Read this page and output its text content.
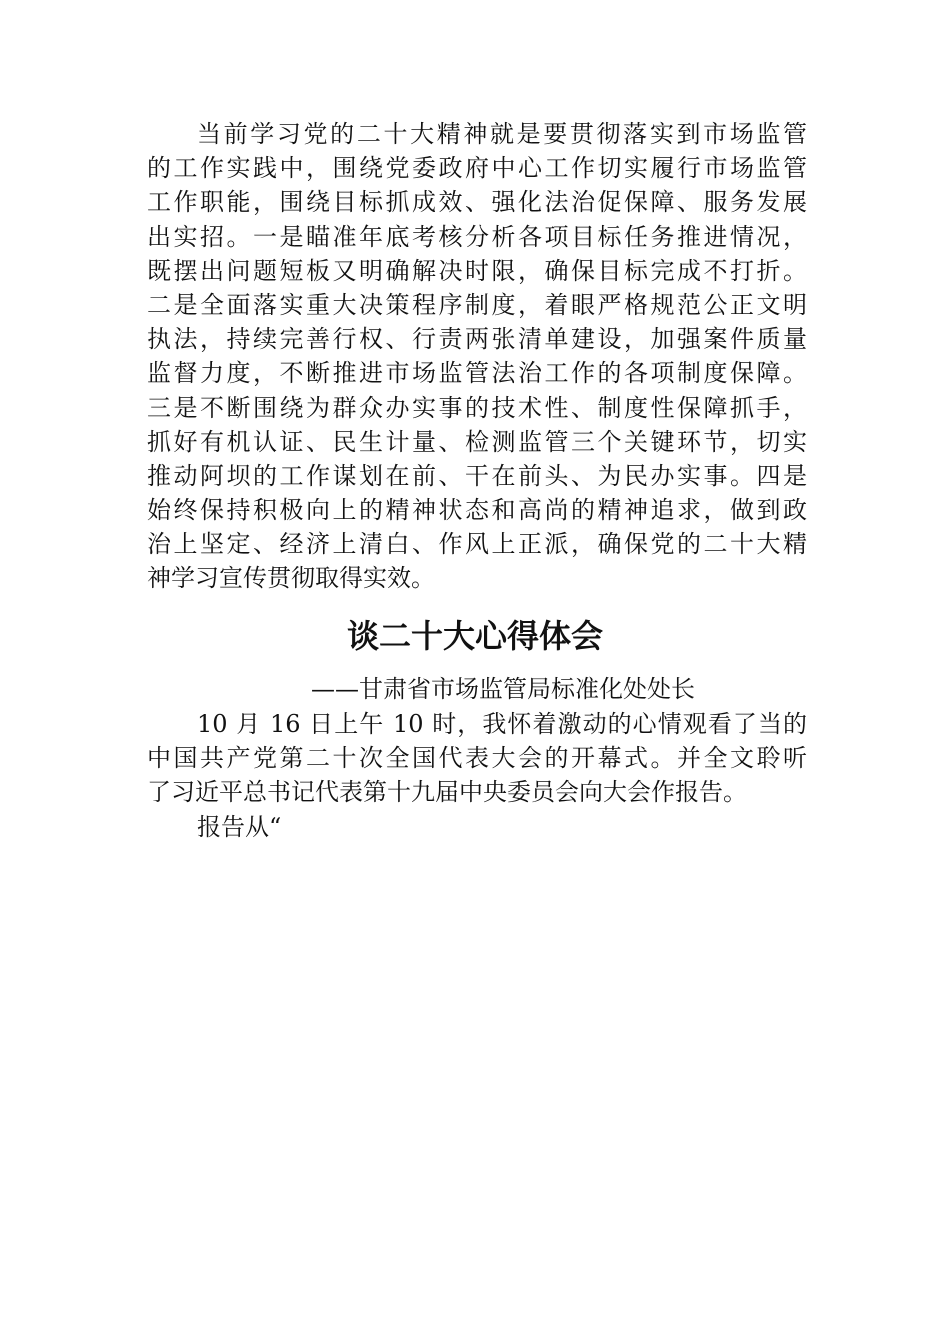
当前学习党的二十大精神就是要贯彻落实到市场监管
的工作实践中，围绕党委政府中心工作切实履行市场监管
工作职能，围绕目标抓成效、强化法治促保障、服务发展
出实招。一是瞄准年底考核分析各项目标任务推进情况，
既摆出问题短板又明确解决时限，确保目标完成不打折。
二是全面落实重大决策程序制度，着眼严格规范公正文明
执法，持续完善行权、行责两张清单建设，加强案件质量
监督力度，不断推进市场监管法治工作的各项制度保障。
三是不断围绕为群众办实事的技术性、制度性保障抓手，
抓好有机认证、民生计量、检测监管三个关键环节，切实
推动阿坝的工作谋划在前、干在前头、为民办实事。四是
始终保持积极向上的精神状态和高尚的精神追求，做到政
治上坚定、经济上清白、作风上正派，确保党的二十大精
神学习宣传贯彻取得实效。
谈二十大心得体会
——甘肃省市场监管局标准化处处长
10 月 16 日上午 10 时，我怀着激动的心情观看了当的
中国共产党第二十次全国代表大会的开幕式。并全文聆听
了习近平总书记代表第十九届中央委员会向大会作报告。
报告从“
